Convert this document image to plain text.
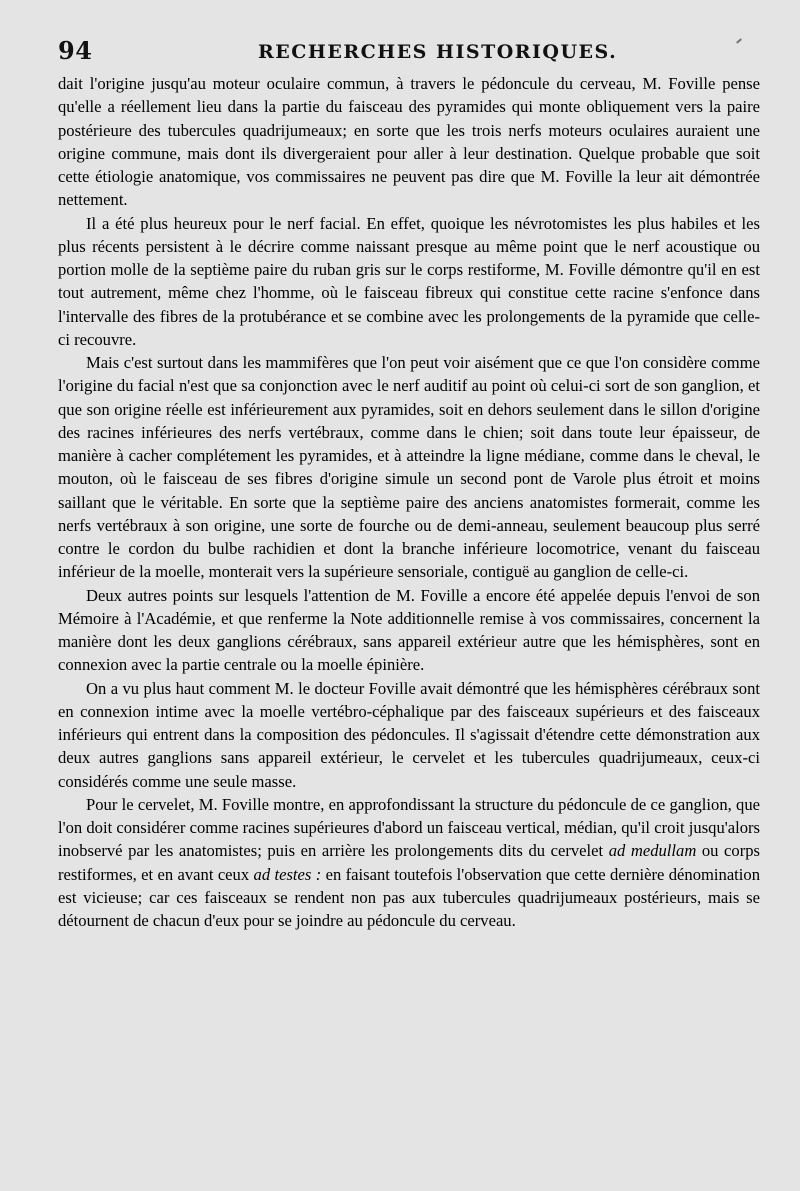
94	RECHERCHES HISTORIQUES.

dait l'origine jusqu'au moteur oculaire commun, à travers le pédoncule du cerveau, M. Foville pense qu'elle a réellement lieu dans la partie du faisceau des pyramides qui monte obliquement vers la paire postérieure des tubercules quadrijumeaux; en sorte que les trois nerfs moteurs oculaires auraient une origine commune, mais dont ils divergeraient pour aller à leur destination. Quelque probable que soit cette étiologie anatomique, vos commissaires ne peuvent pas dire que M. Foville la leur ait démontrée nettement.

Il a été plus heureux pour le nerf facial. En effet, quoique les névrotomistes les plus habiles et les plus récents persistent à le décrire comme naissant presque au même point que le nerf acoustique ou portion molle de la septième paire du ruban gris sur le corps restiforme, M. Foville démontre qu'il en est tout autrement, même chez l'homme, où le faisceau fibreux qui constitue cette racine s'enfonce dans l'intervalle des fibres de la protubérance et se combine avec les prolongements de la pyramide que celle-ci recouvre.

Mais c'est surtout dans les mammifères que l'on peut voir aisément que ce que l'on considère comme l'origine du facial n'est que sa conjonction avec le nerf auditif au point où celui-ci sort de son ganglion, et que son origine réelle est inférieurement aux pyramides, soit en dehors seulement dans le sillon d'origine des racines inférieures des nerfs vertébraux, comme dans le chien; soit dans toute leur épaisseur, de manière à cacher complétement les pyramides, et à atteindre la ligne médiane, comme dans le cheval, le mouton, où le faisceau de ses fibres d'origine simule un second pont de Varole plus étroit et moins saillant que le véritable. En sorte que la septième paire des anciens anatomistes formerait, comme les nerfs vertébraux à son origine, une sorte de fourche ou de demi-anneau, seulement beaucoup plus serré contre le cordon du bulbe rachidien et dont la branche inférieure locomotrice, venant du faisceau inférieur de la moelle, monterait vers la supérieure sensoriale, contiguë au ganglion de celle-ci.

Deux autres points sur lesquels l'attention de M. Foville a encore été appelée depuis l'envoi de son Mémoire à l'Académie, et que renferme la Note additionnelle remise à vos commissaires, concernent la manière dont les deux ganglions cérébraux, sans appareil extérieur autre que les hémisphères, sont en connexion avec la partie centrale ou la moelle épinière.

On a vu plus haut comment M. le docteur Foville avait démontré que les hémisphères cérébraux sont en connexion intime avec la moelle vertébro-céphalique par des faisceaux supérieurs et des faisceaux inférieurs qui entrent dans la composition des pédoncules. Il s'agissait d'étendre cette démonstration aux deux autres ganglions sans appareil extérieur, le cervelet et les tubercules quadrijumeaux, ceux-ci considérés comme une seule masse.

Pour le cervelet, M. Foville montre, en approfondissant la structure du pédoncule de ce ganglion, que l'on doit considérer comme racines supérieures d'abord un faisceau vertical, médian, qu'il croit jusqu'alors inobservé par les anatomistes; puis en arrière les prolongements dits du cervelet ad medullam ou corps restiformes, et en avant ceux ad testes : en faisant toutefois l'observation que cette dernière dénomination est vicieuse; car ces faisceaux se rendent non pas aux tubercules quadrijumeaux postérieurs, mais se détournent de chacun d'eux pour se joindre au pédoncule du cerveau.
